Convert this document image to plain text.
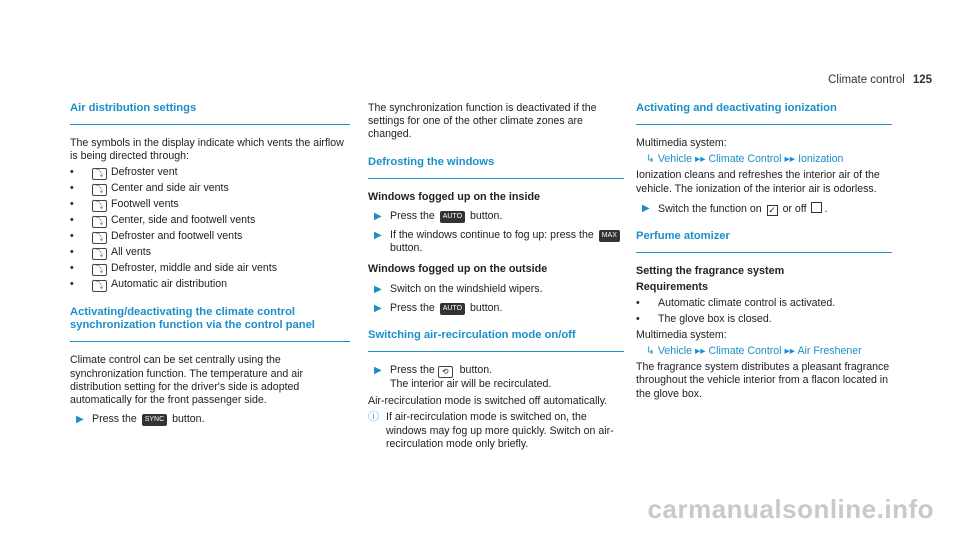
Climate control 125
Air distribution settings

The symbols in the display indicate which vents the airflow is being directed through:

•	⤵ Defroster vent
•	⤵ Center and side air vents
•	⤵ Footwell vents
•	⤵ Center, side and footwell vents
•	⤵ Defroster and footwell vents
•	⤵ All vents
•	⤵ Defroster, middle and side air vents
•	⤵ Automatic air distribution
Activating/deactivating the climate control synchronization function via the control panel

Climate control can be set centrally using the synchronization function. The temperature and air distribution setting for the driver's side is adopted automatically for the front passenger side.

▶ Press the SYNC button.

The synchronization function is deactivated if the settings for one of the other climate zones are changed.

Defrosting the windows
Windows fogged up on the inside
▶ Press the AUTO button.
▶ If the windows continue to fog up: press the MAX button.
Windows fogged up on the outside
▶ Switch on the windshield wipers.
▶ Press the AUTO button.
Switching air-recirculation mode on/off
▶ Press the ⟲ button.
The interior air will be recirculated.

Air-recirculation mode is switched off automatically.

ⓘ If air-recirculation mode is switched on, the windows may fog up more quickly. Switch on air-recirculation mode only briefly.
Activating and deactivating ionization

Multimedia system:

↳ Vehicle ▸▸ Climate Control ▸▸ Ionization

Ionization cleans and refreshes the interior air of the vehicle. The ionization of the interior air is odorless.

▶ Switch the function on ✓ or off .
Perfume atomizer
Setting the fragrance system
Requirements
• Automatic climate control is activated.
• The glove box is closed.

Multimedia system:

↳ Vehicle ▸▸ Climate Control ▸▸ Air Freshener

The fragrance system distributes a pleasant fragrance throughout the vehicle interior from a flacon located in the glove box.

carmanualsonline.info
